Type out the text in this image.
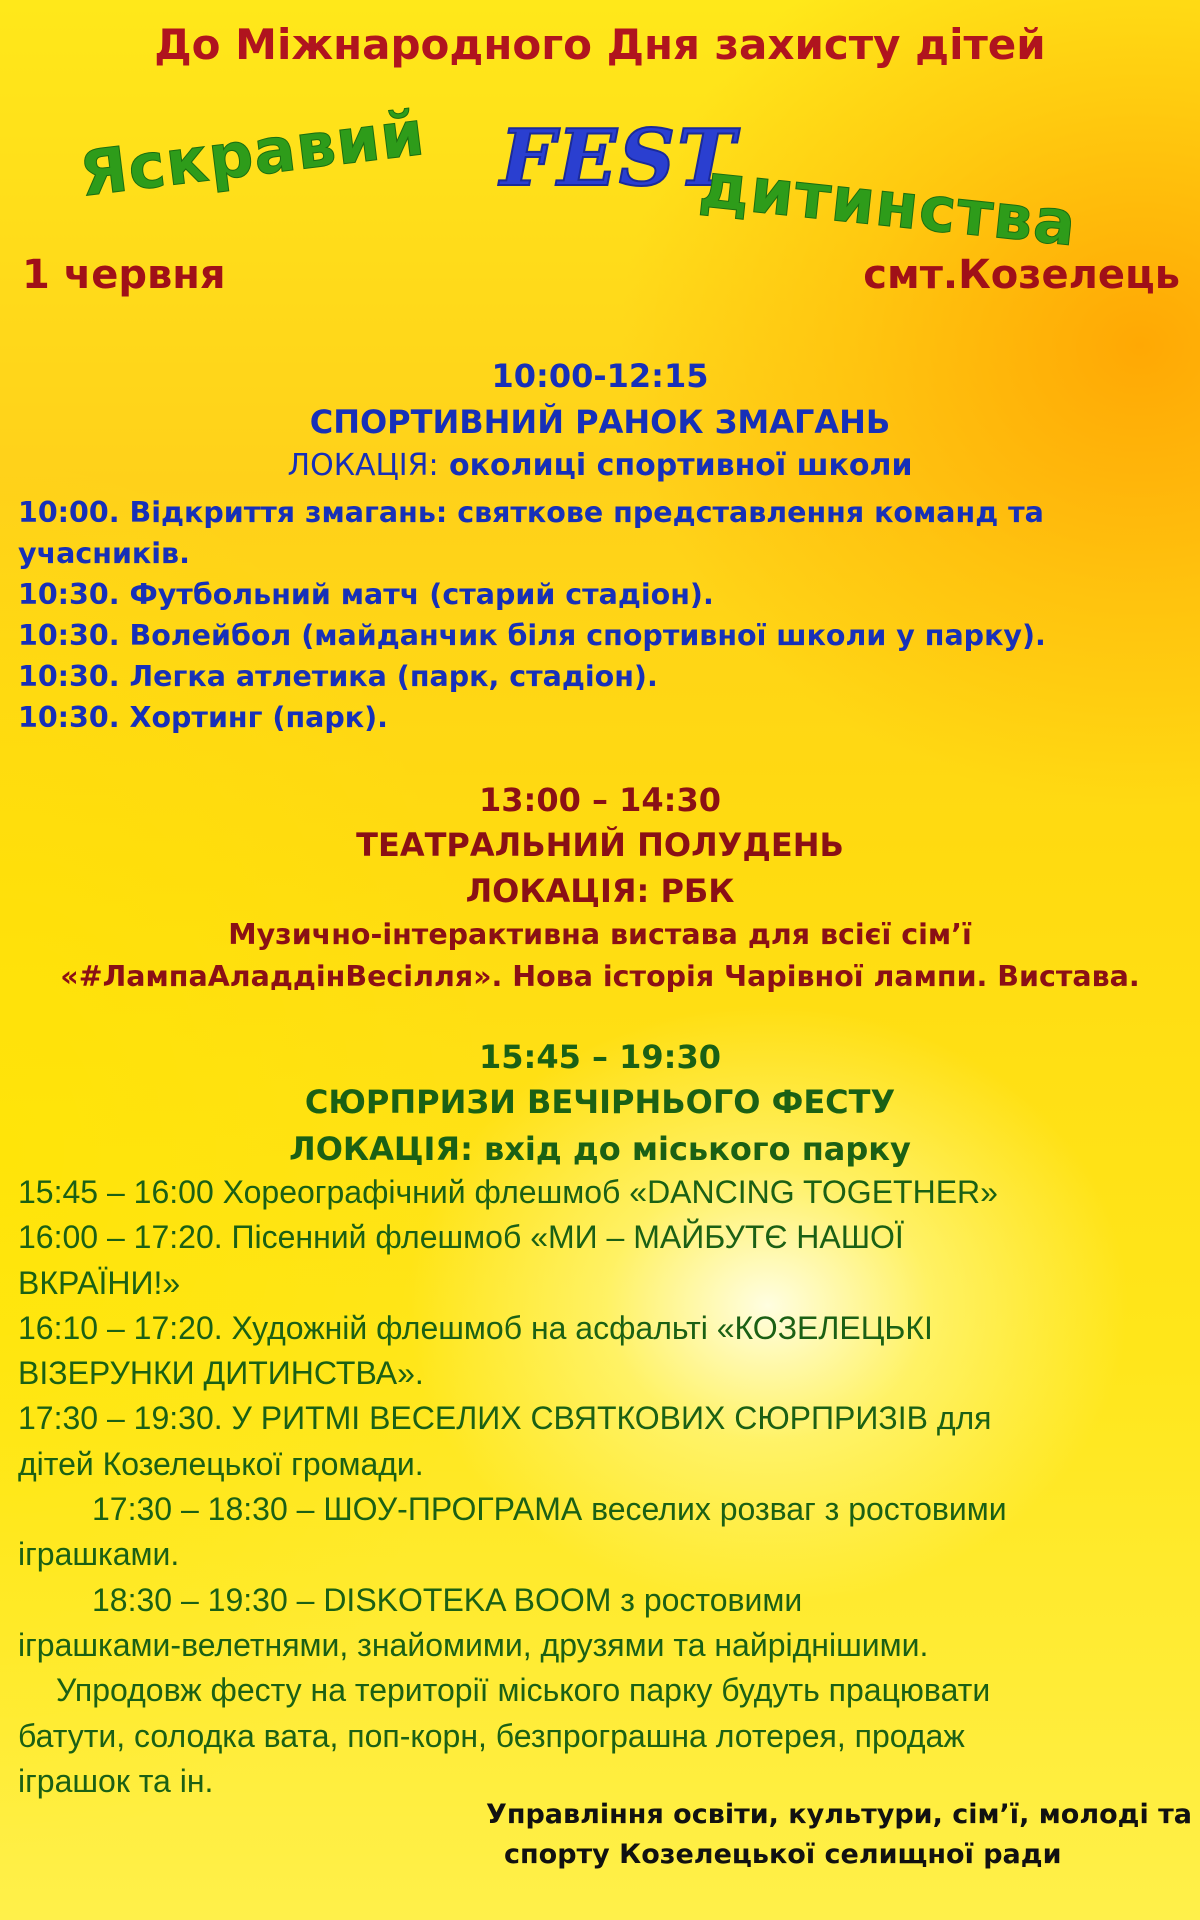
До Міжнародного Дня захисту дітей

Яскравий FEST
дитинства
1 червня	смт.Козелець

10:00-12:15

СПОРТИВНИЙ РАНОК ЗМАГАНЬ

ЛОКАЦІЯ: околиці спортивної школи

10:00. Відкриття змагань: святкове представлення команд та
учасників.
10:30. Футбольний матч (старий стадіон).
10:30. Волейбол (майданчик біля спортивної школи у парку).
10:30. Легка атлетика (парк, стадіон).
10:30. Хортинг (парк).

13:00 – 14:30

ТЕАТРАЛЬНИЙ ПОЛУДЕНЬ

ЛОКАЦІЯ: РБК

Музично-інтерактивна вистава для всієї сім’ї

«#ЛампаАладдінВесілля». Нова історія Чарівної лампи. Вистава.

15:45 – 19:30

СЮРПРИЗИ ВЕЧІРНЬОГО ФЕСТУ

ЛОКАЦІЯ: вхід до міського парку

15:45 – 16:00 Хореографічний флешмоб «DANCING TOGETHER»
16:00 – 17:20. Пісенний флешмоб «МИ – МАЙБУТЄ НАШОЇ
ВКРАЇНИ!»
16:10 – 17:20. Художній флешмоб на асфальті «КОЗЕЛЕЦЬКІ
ВІЗЕРУНКИ ДИТИНСТВА».
17:30 – 19:30. У РИТМІ ВЕСЕЛИХ СВЯТКОВИХ СЮРПРИЗІВ для
дітей Козелецької громади.
17:30 – 18:30 – ШОУ-ПРОГРАМА веселих розваг з ростовими
іграшками.
18:30 – 19:30 – DISKOTEKA BOOM з ростовими
іграшками-велетнями, знайомими, друзями та найріднішими.
Упродовж фесту на території міського парку будуть працювати
батути, солодка вата, поп-корн, безпрограшна лотерея, продаж
іграшок та ін.
Управління освіти, культури, сім’ї, молоді та
спорту Козелецької селищної ради
